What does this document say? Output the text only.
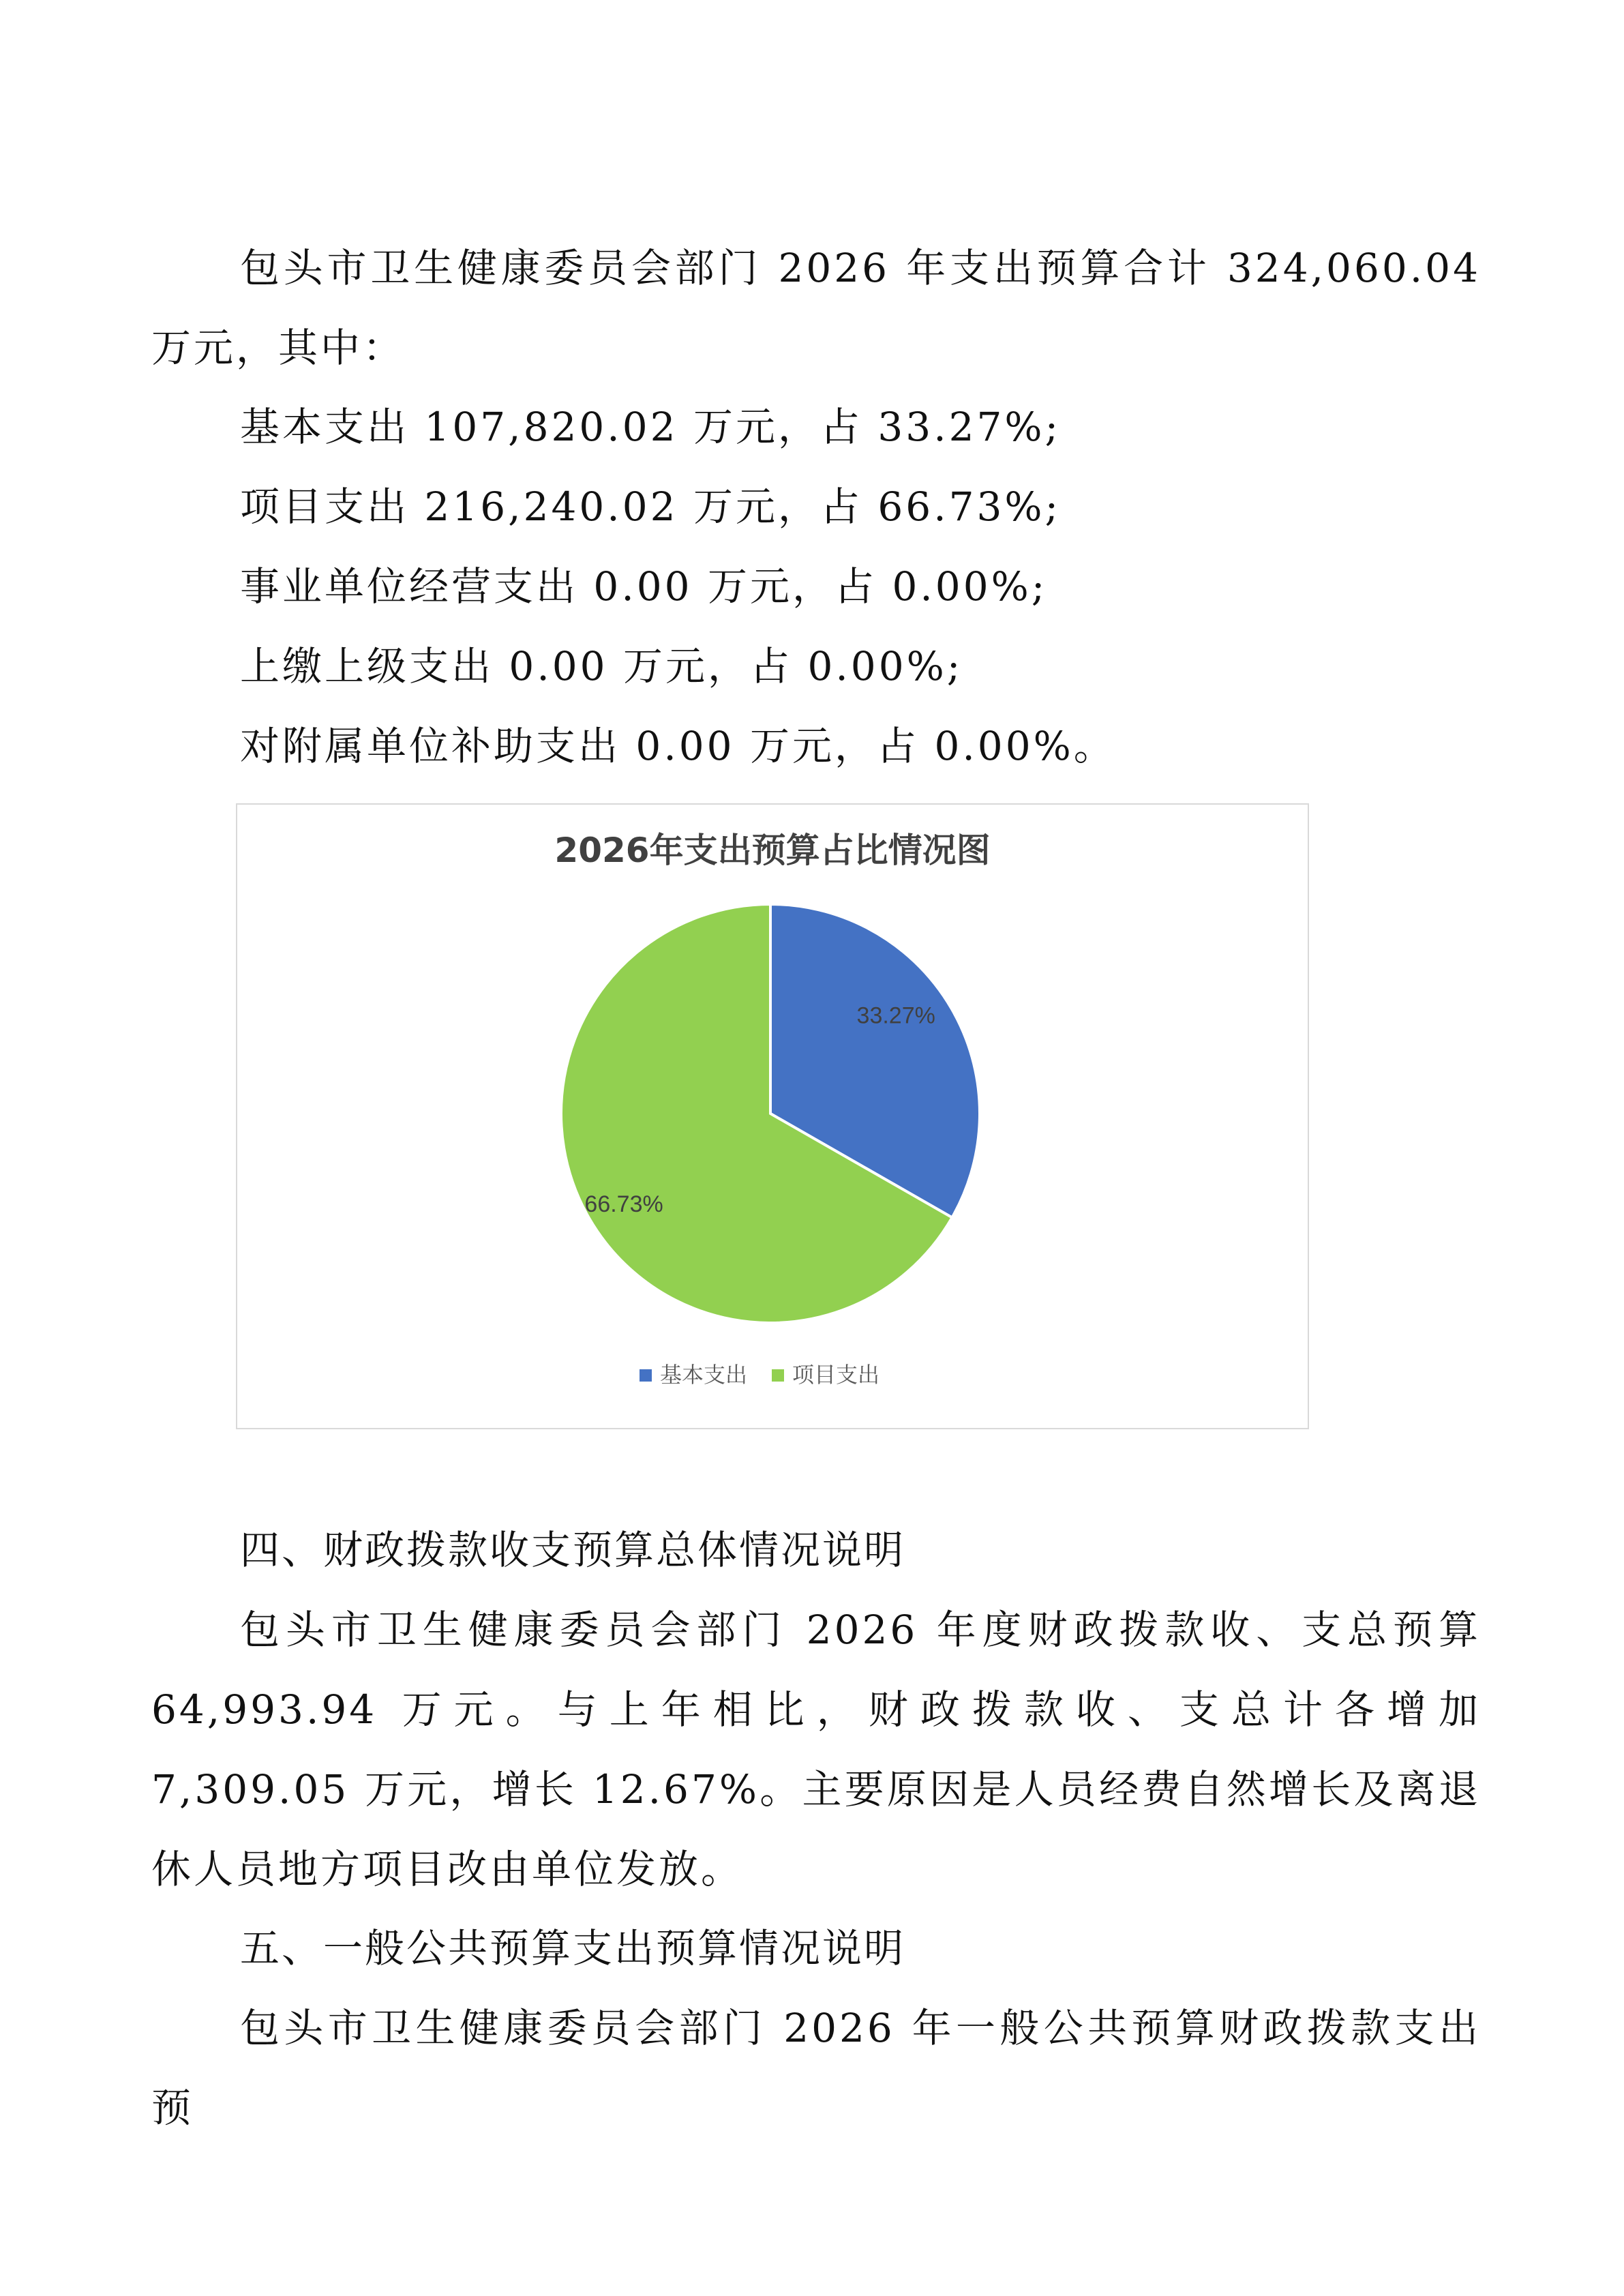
包头市卫生健康委员会部门 2026 年支出预算合计 324,060.04 万元，其中：

基本支出 107,820.02 万元，占 33.27%;

项目支出 216,240.02 万元，占 66.73%;

事业单位经营支出 0.00 万元，占 0.00%;

上缴上级支出 0.00 万元，占 0.00%;

对附属单位补助支出 0.00 万元，占 0.00%。

2026年支出预算占比情况图
33.27%
66.73%
基本支出 项目支出

四、财政拨款收支预算总体情况说明

包头市卫生健康委员会部门 2026 年度财政拨款收、支总预算 64,993.94 万元。与上年相比，财政拨款收、支总计各增加 7,309.05 万元，增长 12.67%。主要原因是人员经费自然增长及离退休人员地方项目改由单位发放。

五、一般公共预算支出预算情况说明

包头市卫生健康委员会部门 2026 年一般公共预算财政拨款支出预
